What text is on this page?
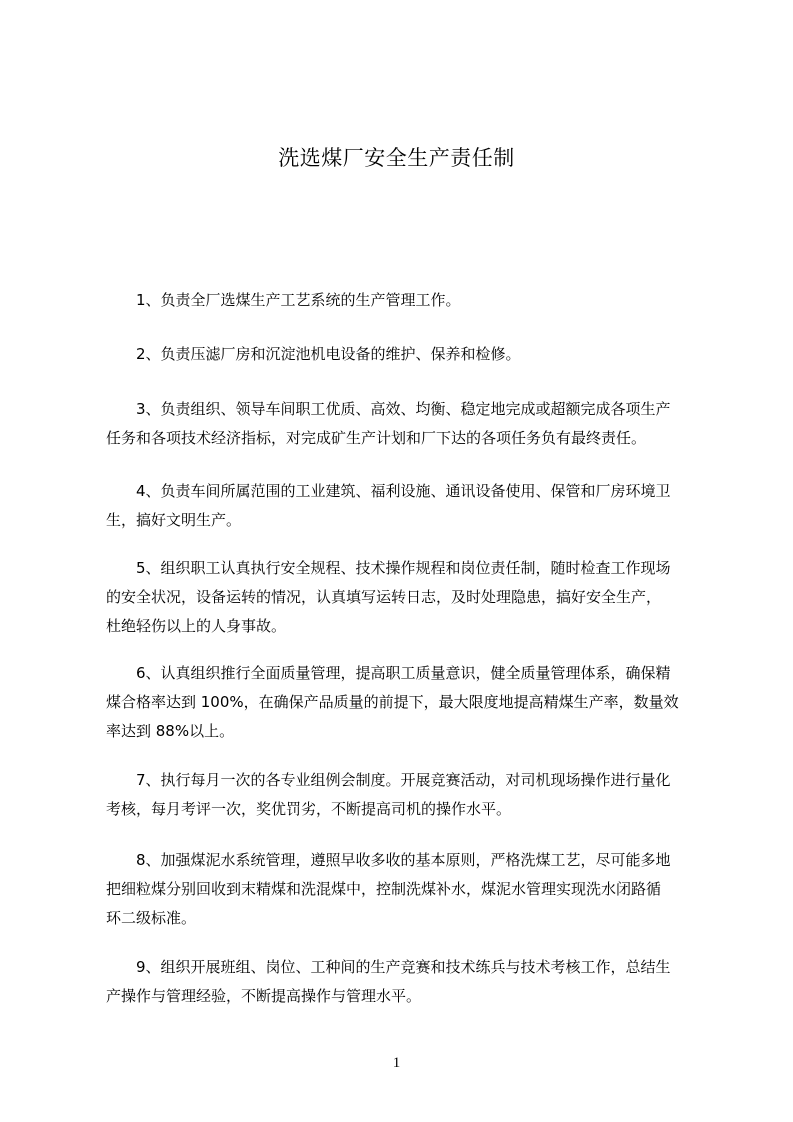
洗选煤厂安全生产责任制
1、负责全厂选煤生产工艺系统的生产管理工作。
2、负责压滤厂房和沉淀池机电设备的维护、保养和检修。
3、负责组织、领导车间职工优质、高效、均衡、稳定地完成或超额完成各项生产
任务和各项技术经济指标，对完成矿生产计划和厂下达的各项任务负有最终责任。
4、负责车间所属范围的工业建筑、福利设施、通讯设备使用、保管和厂房环境卫
生，搞好文明生产。
5、组织职工认真执行安全规程、技术操作规程和岗位责任制，随时检查工作现场
的安全状况，设备运转的情况，认真填写运转日志，及时处理隐患，搞好安全生产，
杜绝轻伤以上的人身事故。
6、认真组织推行全面质量管理，提高职工质量意识，健全质量管理体系，确保精
煤合格率达到 100%，在确保产品质量的前提下，最大限度地提高精煤生产率，数量效
率达到 88%以上。
7、执行每月一次的各专业组例会制度。开展竞赛活动，对司机现场操作进行量化
考核，每月考评一次，奖优罚劣，不断提高司机的操作水平。
8、加强煤泥水系统管理，遵照早收多收的基本原则，严格洗煤工艺，尽可能多地
把细粒煤分别回收到末精煤和洗混煤中，控制洗煤补水，煤泥水管理实现洗水闭路循
环二级标准。
9、组织开展班组、岗位、工种间的生产竞赛和技术练兵与技术考核工作，总结生
产操作与管理经验，不断提高操作与管理水平。
1
